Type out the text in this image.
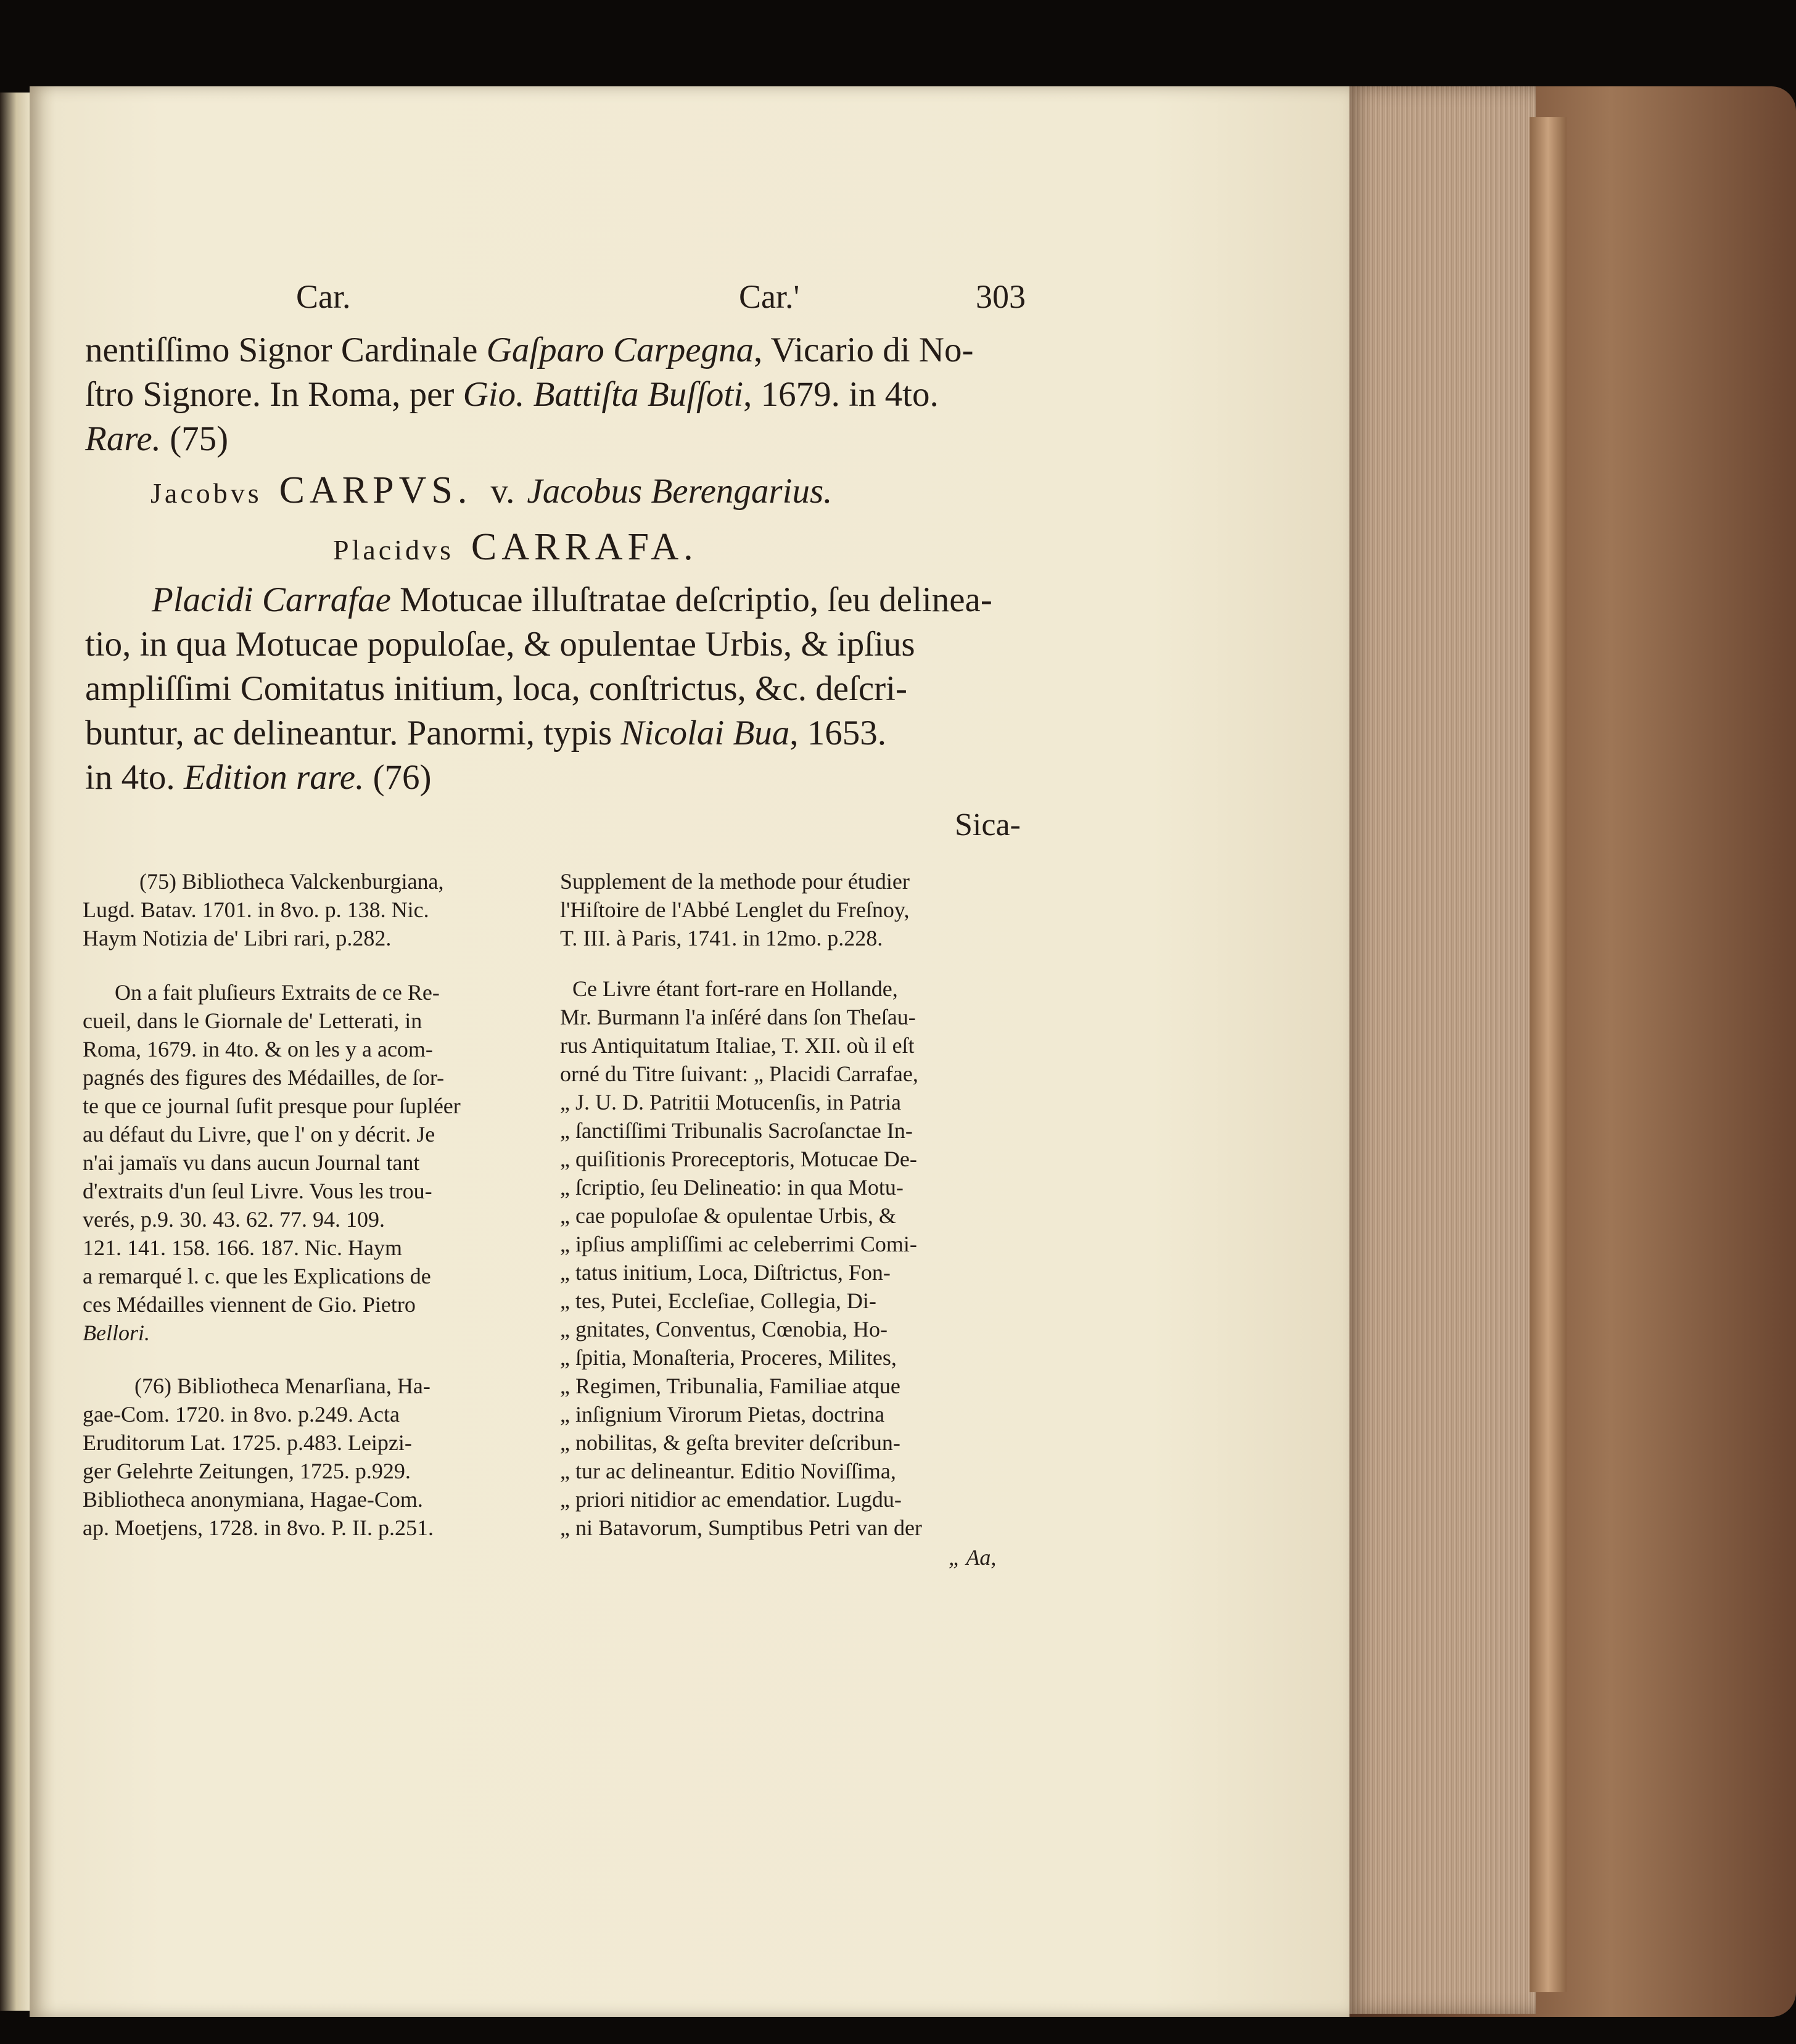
Car.	Car.'	303
nentiſſimo Signor Cardinale Gaſparo Carpegna, Vicario di No-
ſtro Signore. In Roma, per Gio. Battiſta Buſſoti, 1679. in 4to.
Rare. (75)
Jacobvs CARPVS. v. Jacobus Berengarius.
Placidvs CARRAFA.
Placidi Carrafae Motucae illuſtratae deſcriptio, ſeu delinea-
tio, in qua Motucae populoſae, & opulentae Urbis, & ipſius
ampliſſimi Comitatus initium, loca, conſtrictus, &c. deſcri-
buntur, ac delineantur. Panormi, typis Nicolai Bua, 1653.
in 4to. Edition rare. (76)
Sica-
(75) Bibliotheca Valckenburgiana,
Lugd. Batav. 1701. in 8vo. p. 138. Nic.
Haym Notizia de' Libri rari, p.282.
On a fait pluſieurs Extraits de ce Re-
cueil, dans le Giornale de' Letterati, in
Roma, 1679. in 4to. & on les y a acom-
pagnés des figures des Médailles, de ſor-
te que ce journal ſufit presque pour ſupléer
au défaut du Livre, que l' on y décrit. Je
n'ai jamaïs vu dans aucun Journal tant
d'extraits d'un ſeul Livre. Vous les trou-
verés, p.9. 30. 43. 62. 77. 94. 109.
121. 141. 158. 166. 187. Nic. Haym
a remarqué l. c. que les Explications de
ces Médailles viennent de Gio. Pietro
Bellori.
(76) Bibliotheca Menarſiana, Ha-
gae-Com. 1720. in 8vo. p.249. Acta
Eruditorum Lat. 1725. p.483. Leipzi-
ger Gelehrte Zeitungen, 1725. p.929.
Bibliotheca anonymiana, Hagae-Com.
ap. Moetjens, 1728. in 8vo. P. II. p.251.
Supplement de la methode pour étudier
l'Hiſtoire de l'Abbé Lenglet du Freſnoy,
T. III. à Paris, 1741. in 12mo. p.228.
Ce Livre étant fort-rare en Hollande,
Mr. Burmann l'a inſéré dans ſon Theſau-
rus Antiquitatum Italiae, T. XII. où il eſt
orné du Titre ſuivant: „ Placidi Carrafae,
„ J. U. D. Patritii Motucenſis, in Patria
„ ſanctiſſimi Tribunalis Sacroſanctae In-
„ quiſitionis Proreceptoris, Motucae De-
„ ſcriptio, ſeu Delineatio: in qua Motu-
„ cae populoſae & opulentae Urbis, &
„ ipſius ampliſſimi ac celeberrimi Comi-
„ tatus initium, Loca, Diſtrictus, Fon-
„ tes, Putei, Eccleſiae, Collegia, Di-
„ gnitates, Conventus, Cœnobia, Ho-
„ ſpitia, Monaſteria, Proceres, Milites,
„ Regimen, Tribunalia, Familiae atque
„ inſignium Virorum Pietas, doctrina
„ nobilitas, & geſta breviter deſcribun-
„ tur ac delineantur. Editio Noviſſima,
„ priori nitidior ac emendatior. Lugdu-
„ ni Batavorum, Sumptibus Petri van der
„ Aa,
